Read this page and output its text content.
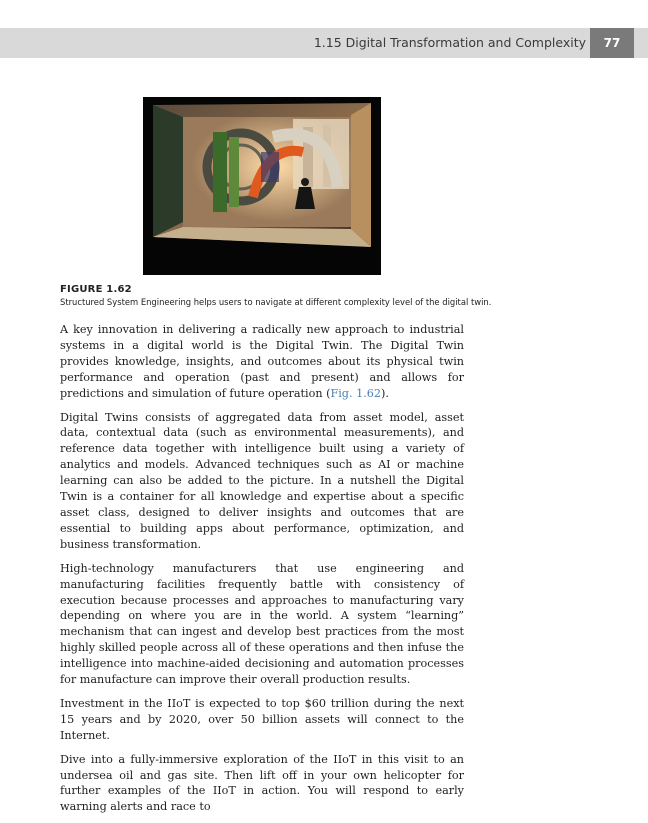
1.15 Digital Transformation and Complexity	77
FIGURE 1.62
Structured System Engineering helps users to navigate at different complexity level of the digital twin.

A key innovation in delivering a radically new approach to industrial systems in a digital world is the Digital Twin. The Digital Twin provides knowledge, insights, and outcomes about its physical twin performance and operation (past and present) and allows for predictions and simulation of future operation (Fig. 1.62).

Digital Twins consists of aggregated data from asset model, asset data, contextual data (such as environmental measurements), and reference data together with intelligence built using a variety of analytics and models. Advanced techniques such as AI or machine learning can also be added to the picture. In a nutshell the Digital Twin is a container for all knowledge and expertise about a specific asset class, designed to deliver insights and outcomes that are essential to building apps about performance, optimization, and business transformation.

High-technology manufacturers that use engineering and manufacturing facilities frequently battle with consistency of execution because processes and approaches to manufacturing vary depending on where you are in the world. A system “learning” mechanism that can ingest and develop best practices from the most highly skilled people across all of these operations and then infuse the intelligence into machine-aided decisioning and automation processes for manufacture can improve their overall production results.

Investment in the IIoT is expected to top $60 trillion during the next 15 years and by 2020, over 50 billion assets will connect to the Internet.

Dive into a fully-immersive exploration of the IIoT in this visit to an undersea oil and gas site. Then lift off in your own helicopter for further examples of the IIoT in action. You will respond to early warning alerts and race to
